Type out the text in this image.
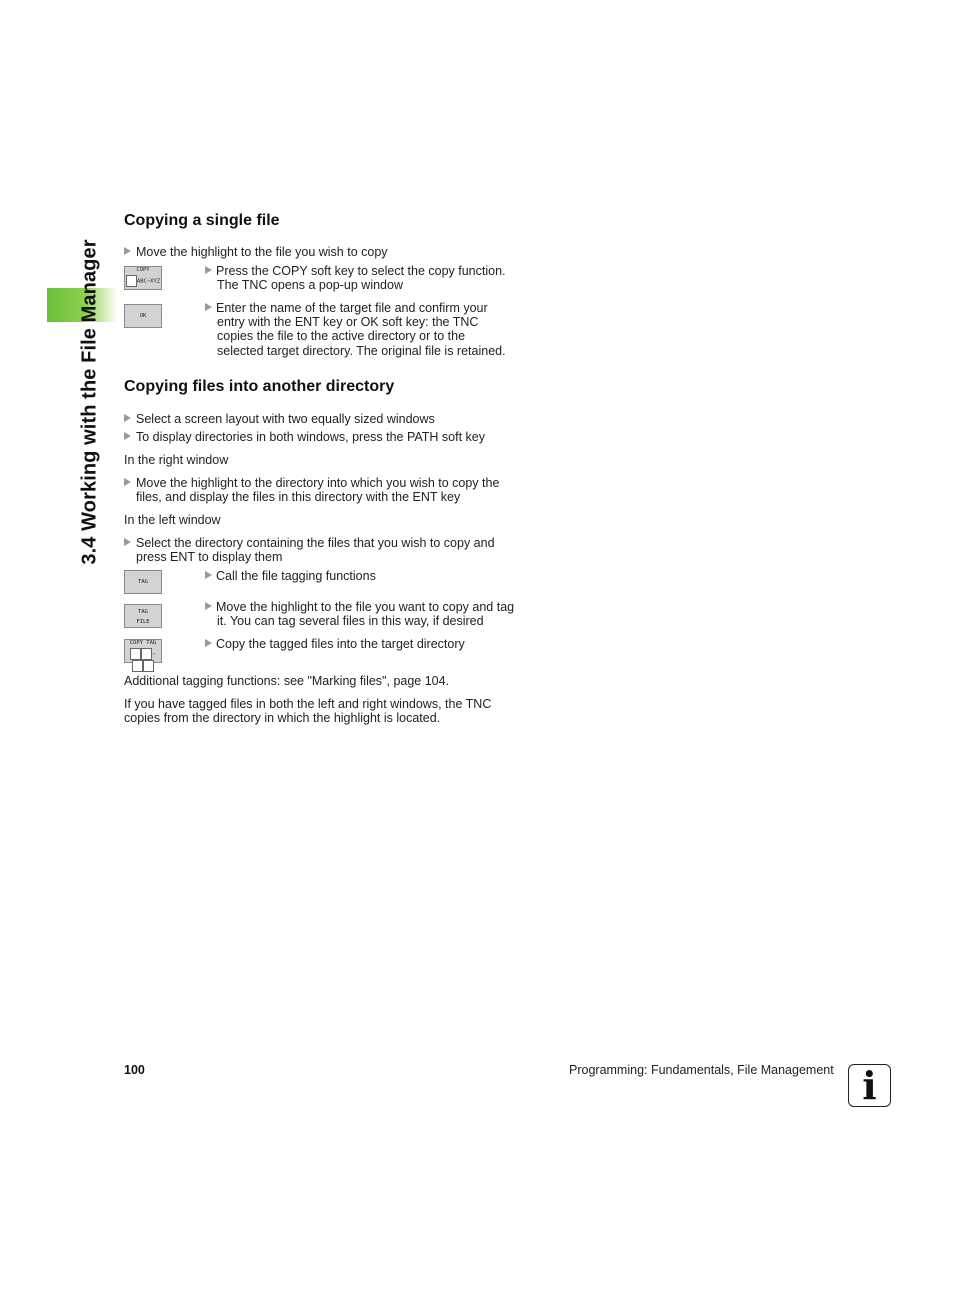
3.4 Working with the File Manager
Copying a single file
Move the highlight to the file you wish to copy
COPY
ABC→XYZ
Press the COPY soft key to select the copy function.
The TNC opens a pop-up window
OK
Enter the name of the target file and confirm your
entry with the ENT key or OK soft key: the TNC
copies the file to the active directory or to the
selected target directory. The original file is retained.
Copying files into another directory
Select a screen layout with two equally sized windows
To display directories in both windows, press the PATH soft key
In the right window
Move the highlight to the directory into which you wish to copy the
files, and display the files in this directory with the ENT key
In the left window
Select the directory containing the files that you wish to copy and
press ENT to display them
TAG	Call the file tagging functions
TAG
FILE
Move the highlight to the file you want to copy and tag
it. You can tag several files in this way, if desired
COPY TAG
→
Copy the tagged files into the target directory
Additional tagging functions: see "Marking files", page 104.
If you have tagged files in both the left and right windows, the TNC
copies from the directory in which the highlight is located.
100	Programming: Fundamentals, File Management i
